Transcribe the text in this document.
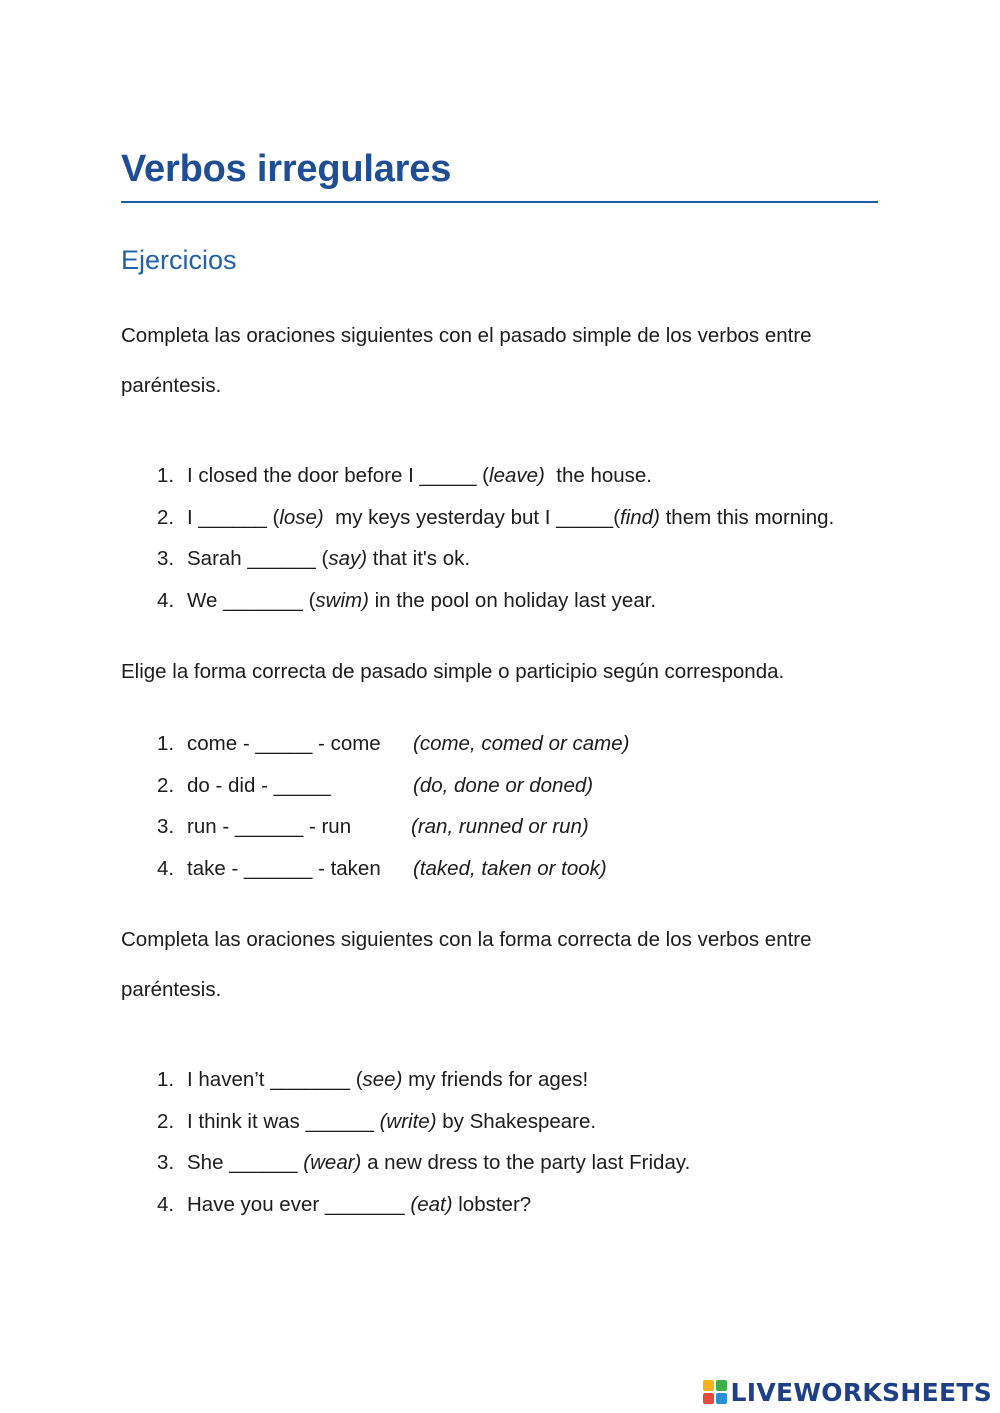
Verbos irregulares
Ejercicios

Completa las oraciones siguientes con el pasado simple de los verbos entre paréntesis.

1. I closed the door before I _____ (leave)  the house.
2. I ______ (lose)  my keys yesterday but I _____(find) them this morning.
3. Sarah ______ (say) that it's ok.
4. We _______ (swim) in the pool on holiday last year.

Elige la forma correcta de pasado simple o participio según corresponda.

1. come - _____ - come (come, comed or came)
2. do - did - _____	(do, done or doned)
3. run - ______ - run	(ran, runned or run)
4. take - ______ - taken (taked, taken or took)

Completa las oraciones siguientes con la forma correcta de los verbos entre paréntesis.

1. I haven’t _______ (see) my friends for ages!
2. I think it was ______ (write) by Shakespeare.
3. She ______ (wear) a new dress to the party last Friday.
4. Have you ever _______ (eat) lobster?
LIVEWORKSHEETS
